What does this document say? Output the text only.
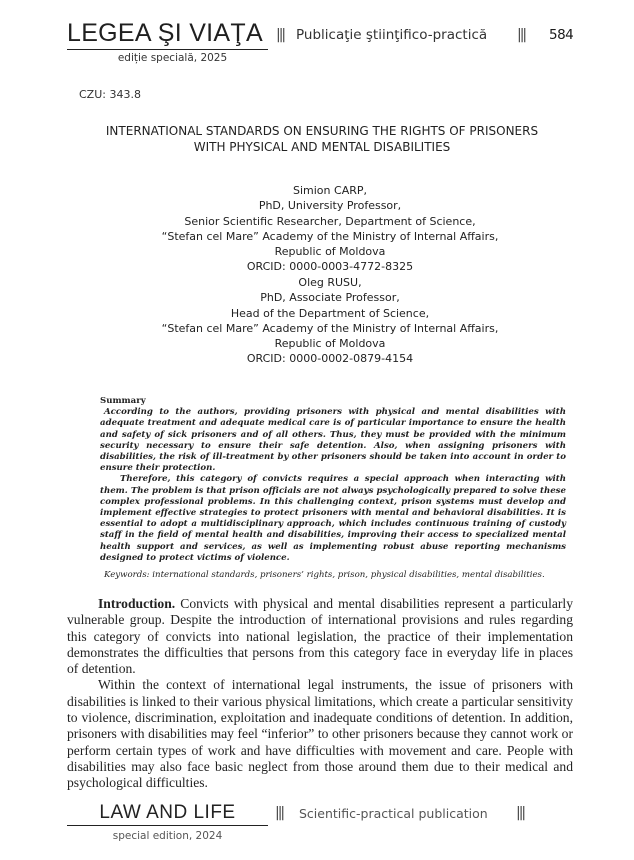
LEGEA ŞI VIAŢA
ediție specială, 2025
||| Publicaţie ştiinţifico-practică ||| 584
CZU: 343.8
INTERNATIONAL STANDARDS ON ENSURING THE RIGHTS OF PRISONERS
WITH PHYSICAL AND MENTAL DISABILITIES
Simion CARP,
PhD, University Professor,
Senior Scientific Researcher, Department of Science,
“Stefan cel Mare” Academy of the Ministry of Internal Affairs,
Republic of Moldova
ORCID: 0000-0003-4772-8325
Oleg RUSU,
PhD, Associate Professor,
Head of the Department of Science,
“Stefan cel Mare” Academy of the Ministry of Internal Affairs,
Republic of Moldova
ORCID: 0000-0002-0879-4154
Summary

According to the authors, providing prisoners with physical and mental disabilities with adequate treatment and adequate medical care is of particular importance to ensure the health and safety of sick prisoners and of all others. Thus, they must be provided with the minimum security necessary to ensure their safe detention. Also, when assigning prisoners with disabilities, the risk of ill-treatment by other prisoners should be taken into account in order to ensure their protection.

Therefore, this category of convicts requires a special approach when interacting with them. The problem is that prison officials are not always psychologically prepared to solve these complex professional problems. In this challenging context, prison systems must develop and implement effective strategies to protect prisoners with mental and behavioral disabilities. It is essential to adopt a multidisciplinary approach, which includes continuous training of custody staff in the field of mental health and disabilities, improving their access to specialized mental health support and services, as well as implementing robust abuse reporting mechanisms designed to protect victims of violence.

Keywords: international standards, prisoners’ rights, prison, physical disabilities, mental disabilities.

Introduction. Convicts with physical and mental disabilities represent a particularly vulnerable group. Despite the introduction of international provisions and rules regarding this category of convicts into national legislation, the practice of their implementation demonstrates the difficulties that persons from this category face in everyday life in places of detention.

Within the context of international legal instruments, the issue of prisoners with disabilities is linked to their various physical limitations, which create a particular sensitivity to violence, discrimination, exploitation and inadequate conditions of detention. In addition, prisoners with disabilities may feel “inferior” to other prisoners because they cannot work or perform certain types of work and have difficulties with movement and care. People with disabilities may also face basic neglect from those around them due to their medical and psychological difficulties.

LAW AND LIFE
special edition, 2024
||| Scientific-practical publication |||
